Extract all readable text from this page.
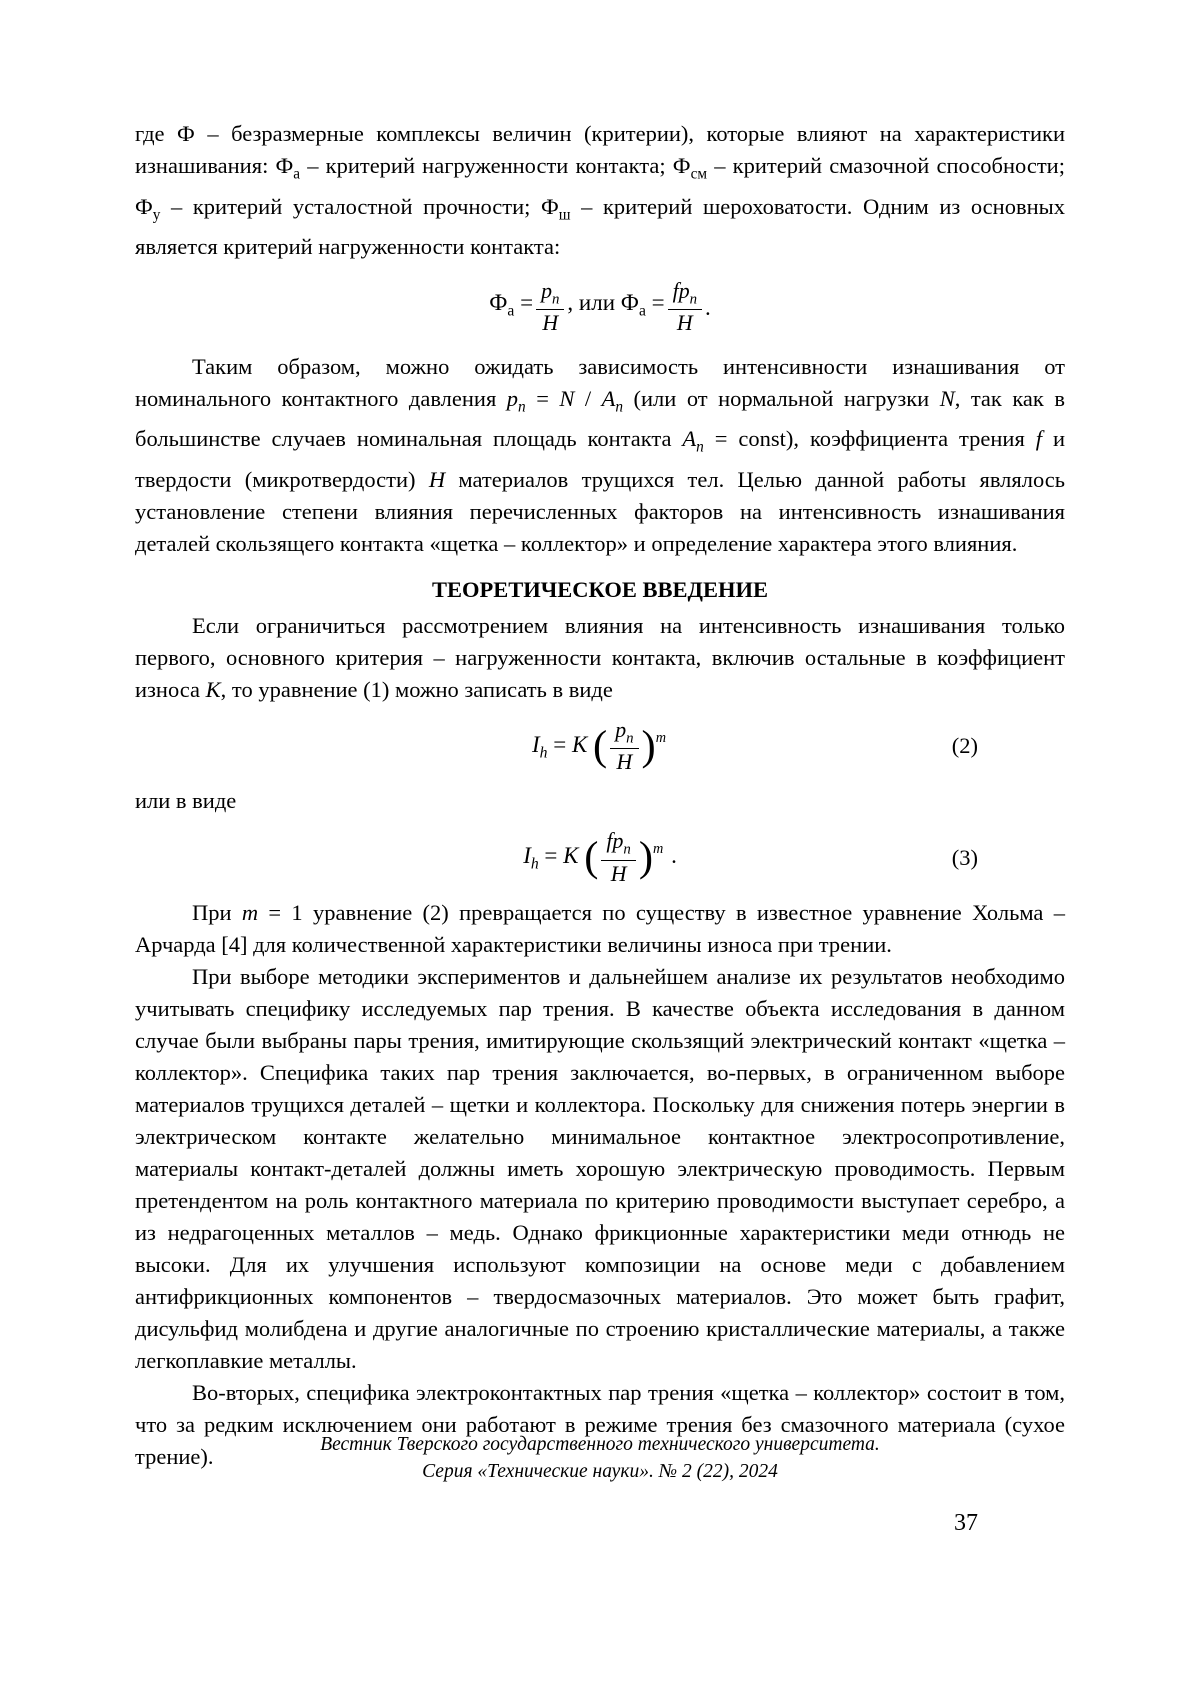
где Ф – безразмерные комплексы величин (критерии), которые влияют на характеристики изнашивания: $Ф_а$ – критерий нагруженности контакта; $Ф_{см}$ – критерий смазочной способности; $Ф_у$ – критерий усталостной прочности; $Ф_ш$ – критерий шероховатости. Одним из основных является критерий нагруженности контакта:

$Ф_а = \frac{p_n}{H}$ , или $Ф_а = \frac{fp_n}{H}$ .

Таким образом, можно ожидать зависимость интенсивности изнашивания от номинального контактного давления $p_n = N / A_n$ (или от нормальной нагрузки N, так как в большинстве случаев номинальная площадь контакта $A_n$ = const), коэффициента трения f и твердости (микротвердости) H материалов трущихся тел. Целью данной работы являлось установление степени влияния перечисленных факторов на интенсивность изнашивания деталей скользящего контакта «щетка – коллектор» и определение характера этого влияния.

ТЕОРЕТИЧЕСКОЕ ВВЕДЕНИЕ

Если ограничиться рассмотрением влияния на интенсивность изнашивания только первого, основного критерия – нагруженности контакта, включив остальные в коэффициент износа K, то уравнение (1) можно записать в виде

$I_h = K$ ( $\frac{p_n}{H} )^m$	(2)

или в виде

$I_h = K$ ( $\frac{fp_n}{H} )^m$ .	(3)

При m = 1 уравнение (2) превращается по существу в известное уравнение Хольма – Арчарда [4] для количественной характеристики величины износа при трении.

При выборе методики экспериментов и дальнейшем анализе их результатов необходимо учитывать специфику исследуемых пар трения. В качестве объекта исследования в данном случае были выбраны пары трения, имитирующие скользящий электрический контакт «щетка – коллектор». Специфика таких пар трения заключается, во-первых, в ограниченном выборе материалов трущихся деталей – щетки и коллектора. Поскольку для снижения потерь энергии в электрическом контакте желательно минимальное контактное электросопротивление, материалы контакт-деталей должны иметь хорошую электрическую проводимость. Первым претендентом на роль контактного материала по критерию проводимости выступает серебро, а из недрагоценных металлов – медь. Однако фрикционные характеристики меди отнюдь не высоки. Для их улучшения используют композиции на основе меди с добавлением антифрикционных компонентов – твердосмазочных материалов. Это может быть графит, дисульфид молибдена и другие аналогичные по строению кристаллические материалы, а также легкоплавкие металлы.

Во-вторых, специфика электроконтактных пар трения «щетка – коллектор» состоит в том, что за редким исключением они работают в режиме трения без смазочного материала (сухое трение).	Вестник Тверского государственного технического университета.
Серия «Технические науки». № 2 (22), 2024
37
